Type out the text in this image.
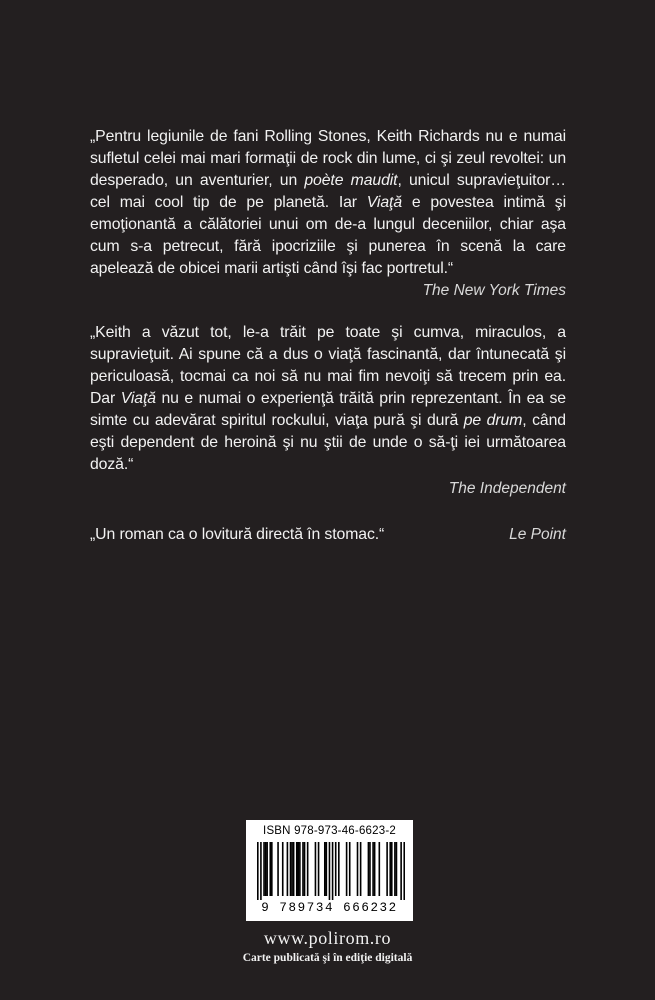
„Pentru legiunile de fani Rolling Stones, Keith Richards nu e numai sufletul celei mai mari formaţii de rock din lume, ci şi zeul revoltei: un desperado, un aventurier, un poète maudit, unicul supravieţuitor… cel mai cool tip de pe planetă. Iar Viaţă e povestea intimă şi emoţionantă a călătoriei unui om de-a lungul deceniilor, chiar aşa cum s-a petrecut, fără ipocriziile şi punerea în scenă la care apelează de obicei marii artişti când îşi fac portretul.“

The New York Times

„Keith a văzut tot, le-a trăit pe toate şi cumva, miraculos, a supravieţuit. Ai spune că a dus o viaţă fascinantă, dar întunecată şi periculoasă, tocmai ca noi să nu mai fim nevoiţi să trecem prin ea. Dar Viaţă nu e numai o experienţă trăită prin reprezentant. În ea se simte cu adevărat spiritul rockului, viaţa pură şi dură pe drum, când eşti dependent de heroină şi nu ştii de unde o să-ţi iei următoarea doză.“

The Independent

„Un roman ca o lovitură directă în stomac.“	Le Point

ISBN 978-973-46-6623-2
9 789734 666232
www.polirom.ro
Carte publicată şi în ediţie digitală
